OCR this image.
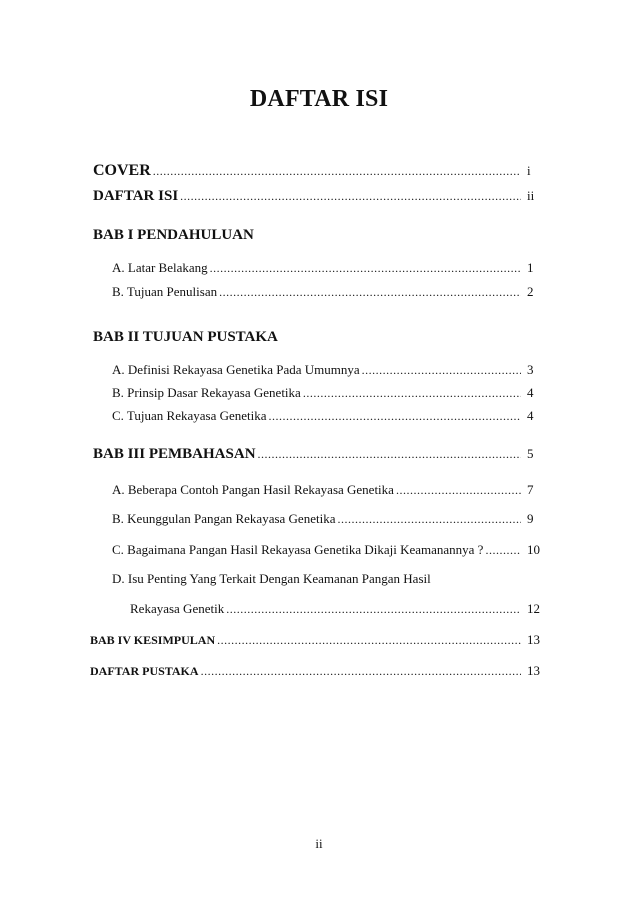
DAFTAR ISI
COVER .....	i
DAFTAR ISI .....	ii
BAB I PENDAHULUAN
A. Latar Belakang .....	1
B. Tujuan Penulisan .....	2
BAB II TUJUAN PUSTAKA
A. Definisi Rekayasa Genetika Pada Umumnya .....	3
B. Prinsip Dasar Rekayasa Genetika .....	4
C. Tujuan Rekayasa Genetika .....	4
BAB III PEMBAHASAN .....	5
A. Beberapa Contoh Pangan Hasil Rekayasa Genetika .....	7
B. Keunggulan Pangan Rekayasa Genetika .....	9
C. Bagaimana Pangan Hasil Rekayasa Genetika Dikaji Keamanannya ? .....	10
D. Isu Penting Yang Terkait Dengan Keamanan Pangan Hasil
Rekayasa Genetik .....	12
BAB IV KESIMPULAN .....	13
DAFTAR PUSTAKA .....	13
ii
